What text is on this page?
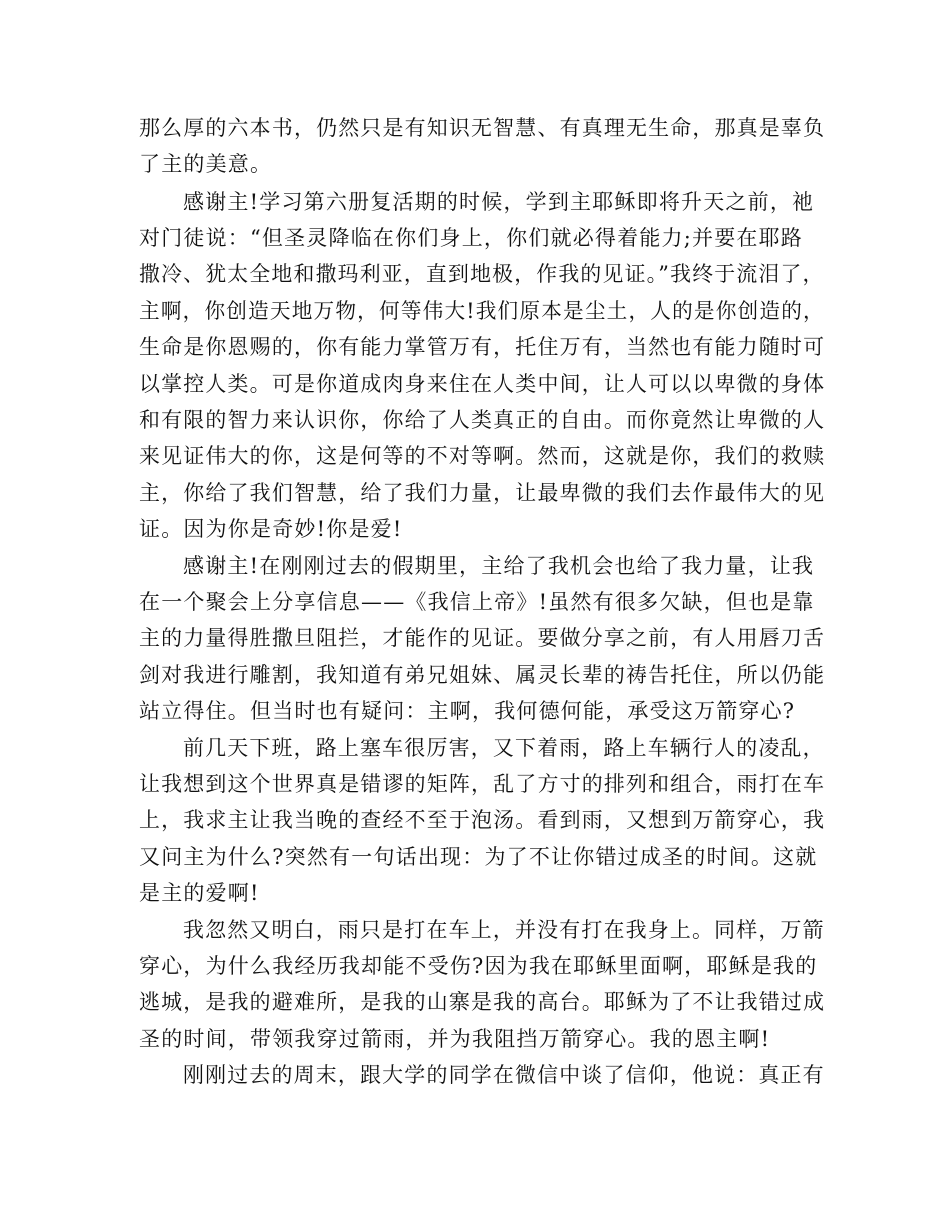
那么厚的六本书，仍然只是有知识无智慧、有真理无生命，那真是辜负
了主的美意。
感谢主!学习第六册复活期的时候，学到主耶稣即将升天之前，祂
对门徒说：“但圣灵降临在你们身上，你们就必得着能力;并要在耶路
撒冷、犹太全地和撒玛利亚，直到地极，作我的见证。”我终于流泪了，
主啊，你创造天地万物，何等伟大!我们原本是尘土，人的是你创造的，
生命是你恩赐的，你有能力掌管万有，托住万有，当然也有能力随时可
以掌控人类。可是你道成肉身来住在人类中间，让人可以以卑微的身体
和有限的智力来认识你，你给了人类真正的自由。而你竟然让卑微的人
来见证伟大的你，这是何等的不对等啊。然而，这就是你，我们的救赎
主，你给了我们智慧，给了我们力量，让最卑微的我们去作最伟大的见
证。因为你是奇妙!你是爱!
感谢主!在刚刚过去的假期里，主给了我机会也给了我力量，让我
在一个聚会上分享信息——《我信上帝》!虽然有很多欠缺，但也是靠
主的力量得胜撒旦阻拦，才能作的见证。要做分享之前，有人用唇刀舌
剑对我进行雕割，我知道有弟兄姐妹、属灵长辈的祷告托住，所以仍能
站立得住。但当时也有疑问：主啊，我何德何能，承受这万箭穿心?
前几天下班，路上塞车很厉害，又下着雨，路上车辆行人的凌乱，
让我想到这个世界真是错谬的矩阵，乱了方寸的排列和组合，雨打在车
上，我求主让我当晚的查经不至于泡汤。看到雨，又想到万箭穿心，我
又问主为什么?突然有一句话出现：为了不让你错过成圣的时间。这就
是主的爱啊!
我忽然又明白，雨只是打在车上，并没有打在我身上。同样，万箭
穿心，为什么我经历我却能不受伤?因为我在耶稣里面啊，耶稣是我的
逃城，是我的避难所，是我的山寨是我的高台。耶稣为了不让我错过成
圣的时间，带领我穿过箭雨，并为我阻挡万箭穿心。我的恩主啊!
刚刚过去的周末，跟大学的同学在微信中谈了信仰，他说：真正有
